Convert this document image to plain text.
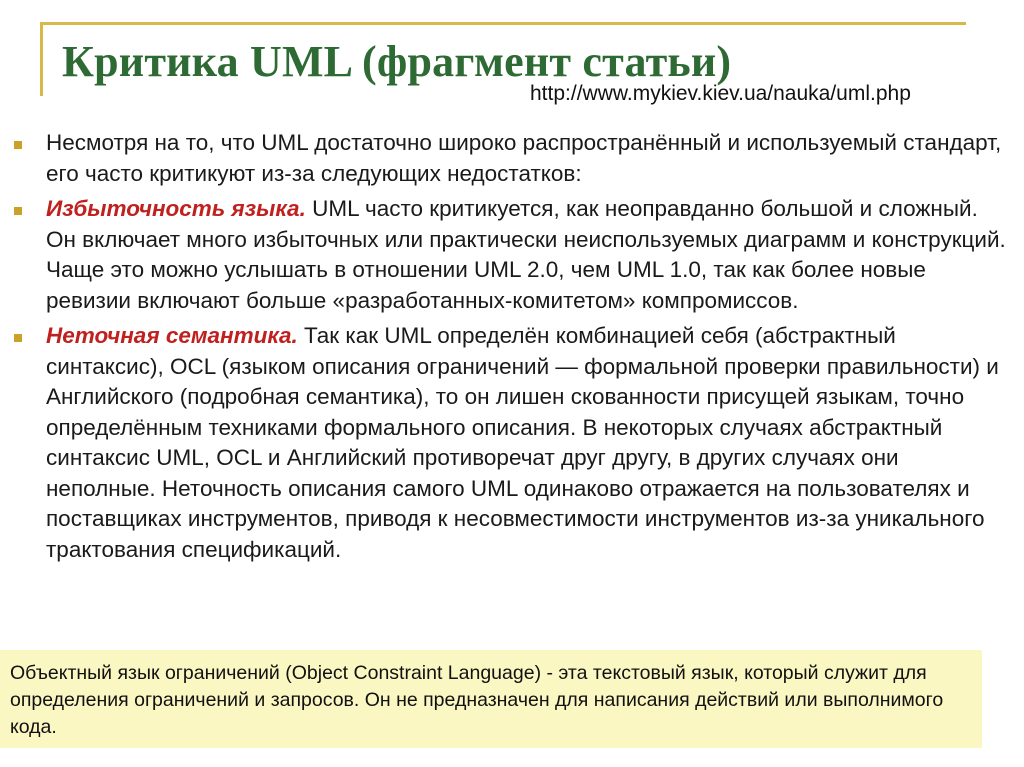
Критика UML (фрагмент статьи)
http://www.mykiev.kiev.ua/nauka/uml.php
Несмотря на то, что UML достаточно широко распространённый и используемый стандарт, его часто критикуют из-за следующих недостатков:
Избыточность языка. UML часто критикуется, как неоправданно большой и сложный. Он включает много избыточных или практически неиспользуемых диаграмм и конструкций. Чаще это можно услышать в отношении UML 2.0, чем UML 1.0, так как более новые ревизии включают больше «разработанных-комитетом» компромиссов.
Неточная семантика. Так как UML определён комбинацией себя (абстрактный синтаксис), OCL (языком описания ограничений — формальной проверки правильности) и Английского (подробная семантика), то он лишен скованности присущей языкам, точно определённым техниками формального описания. В некоторых случаях абстрактный синтаксис UML, OCL и Английский противоречат друг другу, в других случаях они неполные. Неточность описания самого UML одинаково отражается на пользователях и поставщиках инструментов, приводя к несовместимости инструментов из-за уникального трактования спецификаций.
Объектный язык ограничений (Object Constraint Language) - эта текстовый язык, который служит для определения ограничений и запросов. Он не предназначен для написания действий или выполнимого кода.
